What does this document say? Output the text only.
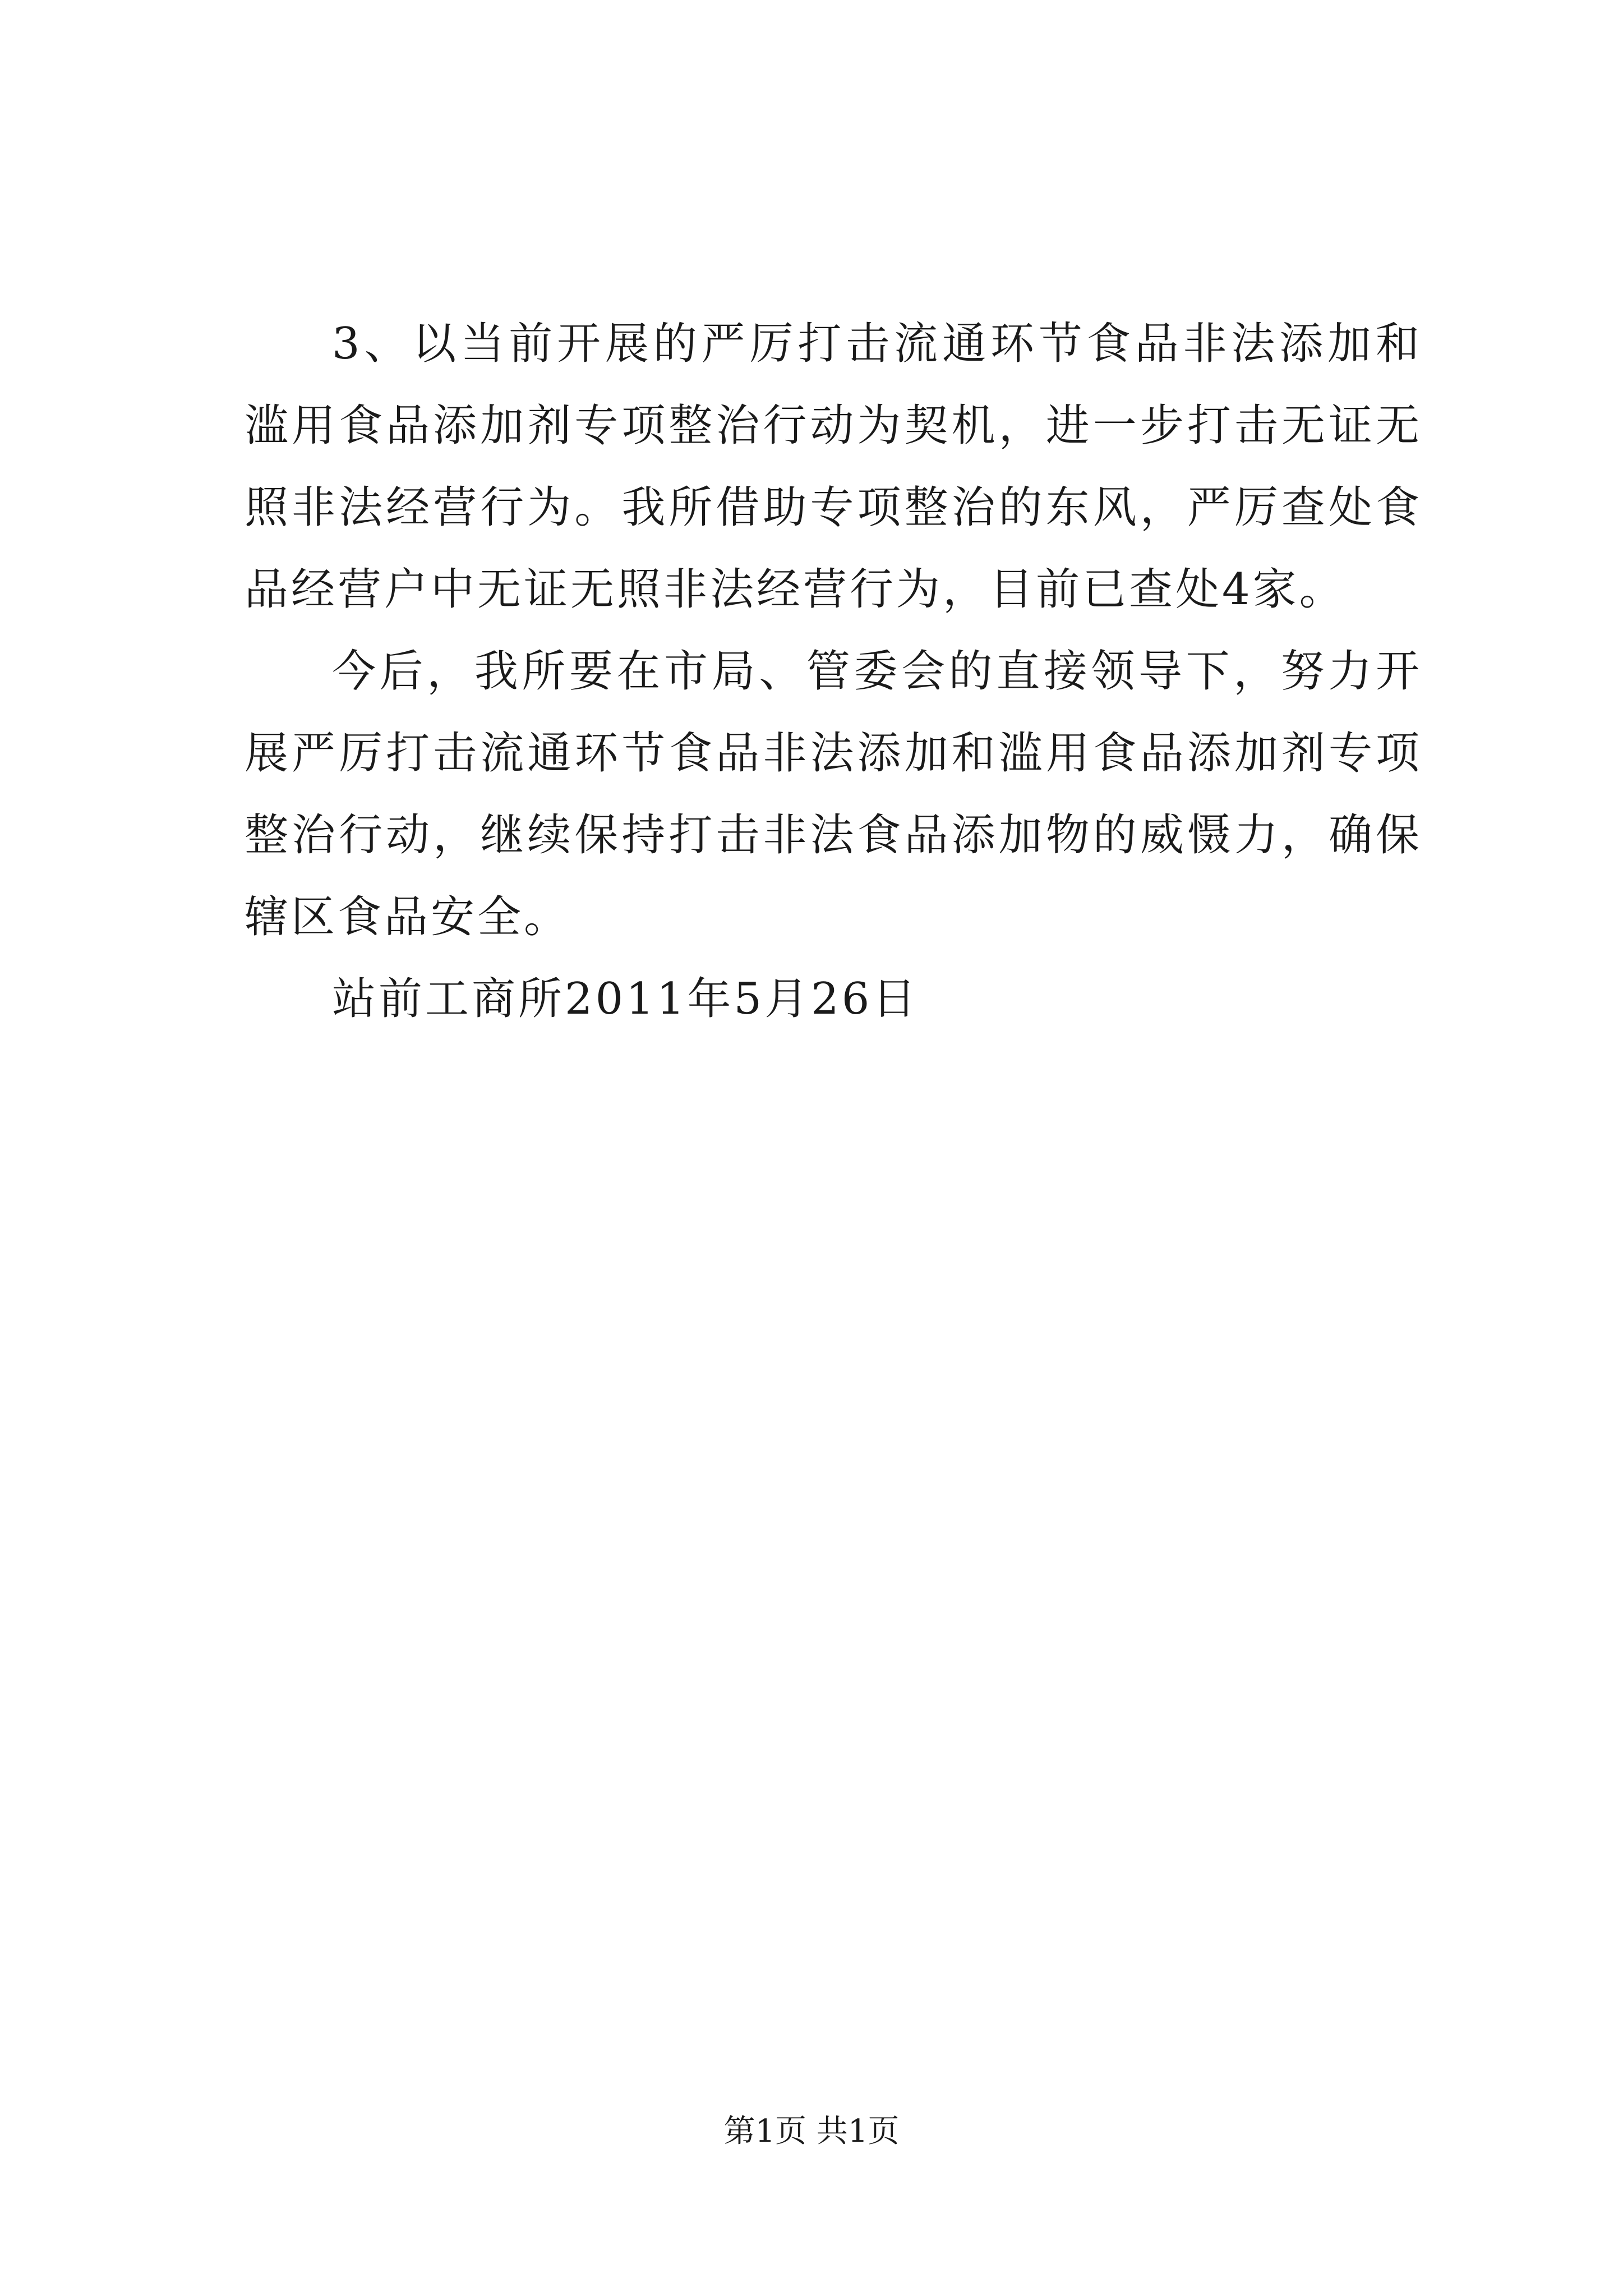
3、以当前开展的严厉打击流通环节食品非法添加和滥用食品添加剂专项整治行动为契机，进一步打击无证无照非法经营行为。我所借助专项整治的东风，严厉查处食品经营户中无证无照非法经营行为，目前已查处4家。

今后，我所要在市局、管委会的直接领导下，努力开展严厉打击流通环节食品非法添加和滥用食品添加剂专项整治行动，继续保持打击非法食品添加物的威慑力，确保辖区食品安全。

站前工商所2011年5月26日

第1页 共1页
